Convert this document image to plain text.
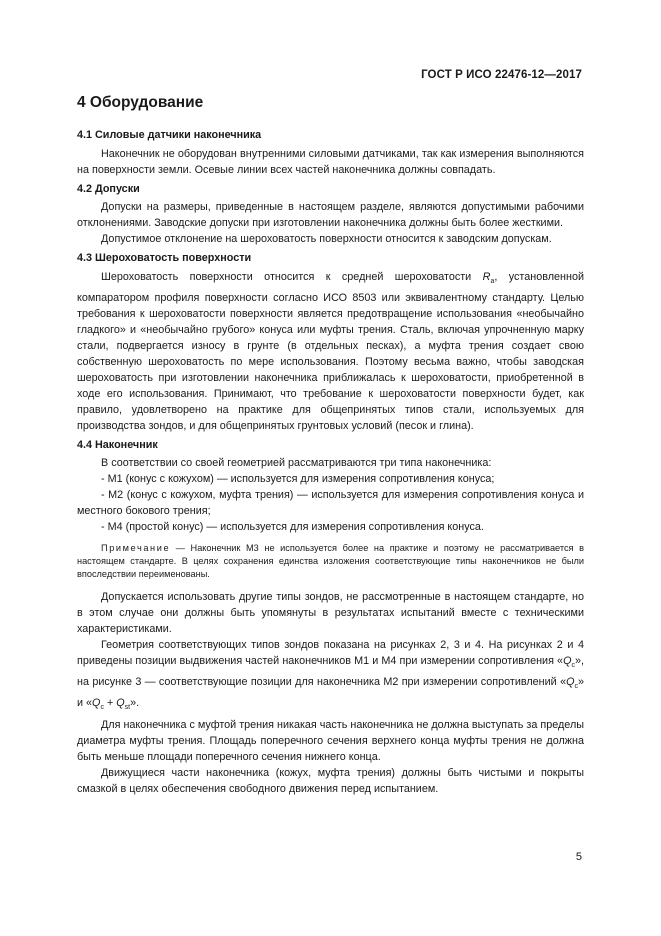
ГОСТ Р ИСО 22476-12—2017
4 Оборудование
4.1 Силовые датчики наконечника

Наконечник не оборудован внутренними силовыми датчиками, так как измерения выполняются на поверхности земли. Осевые линии всех частей наконечника должны совпадать.

4.2 Допуски

Допуски на размеры, приведенные в настоящем разделе, являются допустимыми рабочими отклонениями. Заводские допуски при изготовлении наконечника должны быть более жесткими.

Допустимое отклонение на шероховатость поверхности относится к заводским допускам.

4.3 Шероховатость поверхности

Шероховатость поверхности относится к средней шероховатости $R_a$, установленной компаратором профиля поверхности согласно ИСО 8503 или эквивалентному стандарту. Целью требования к шероховатости поверхности является предотвращение использования «необычайно гладкого» и «необычайно грубого» конуса или муфты трения. Сталь, включая упрочненную марку стали, подвергается износу в грунте (в отдельных песках), а муфта трения создает свою собственную шероховатость по мере использования. Поэтому весьма важно, чтобы заводская шероховатость при изготовлении наконечника приближалась к шероховатости, приобретенной в ходе его использования. Принимают, что требование к шероховатости поверхности будет, как правило, удовлетворено на практике для общепринятых типов стали, используемых для производства зондов, и для общепринятых грунтовых условий (песок и глина).

4.4 Наконечник

В соответствии со своей геометрией рассматриваются три типа наконечника:

- М1 (конус с кожухом) — используется для измерения сопротивления конуса;

- М2 (конус с кожухом, муфта трения) — используется для измерения сопротивления конуса и местного бокового трения;

- М4 (простой конус) — используется для измерения сопротивления конуса.

Примечание — Наконечник М3 не используется более на практике и поэтому не рассматривается в настоящем стандарте. В целях сохранения единства изложения соответствующие типы наконечников не были впоследствии переименованы.

Допускается использовать другие типы зондов, не рассмотренные в настоящем стандарте, но в этом случае они должны быть упомянуты в результатах испытаний вместе с техническими характеристиками.

Геометрия соответствующих типов зондов показана на рисунках 2, 3 и 4. На рисунках 2 и 4 приведены позиции выдвижения частей наконечников М1 и М4 при измерении сопротивления «$Q_c$», на рисунке 3 — соответствующие позиции для наконечника М2 при измерении сопротивлений «$Q_c$» и «$Q_c + Q_{st}$».

Для наконечника с муфтой трения никакая часть наконечника не должна выступать за пределы диаметра муфты трения. Площадь поперечного сечения верхнего конца муфты трения не должна быть меньше площади поперечного сечения нижнего конца.

Движущиеся части наконечника (кожух, муфта трения) должны быть чистыми и покрыты смазкой в целях обеспечения свободного движения перед испытанием.

5
